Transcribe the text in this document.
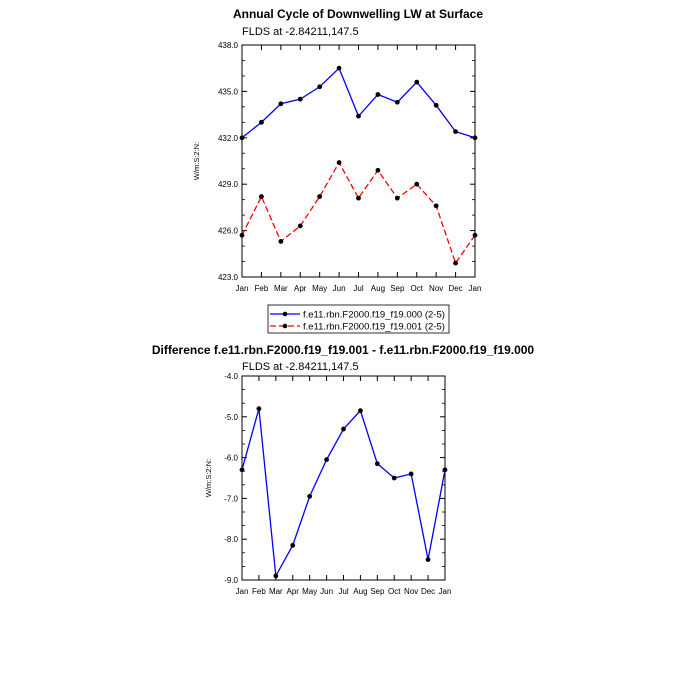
Annual Cycle of Downwelling LW at Surface
FLDS at -2.84211,147.5
W/m:S:2:N:
423.0
426.0
429.0
432.0
435.0
438.0
Jan Feb Mar Apr May Jun Jul Aug Sep Oct Nov Dec Jan
f.e11.rbn.F2000.f19_f19.000 (2-5)
f.e11.rbn.F2000.f19_f19.001 (2-5)
Difference f.e11.rbn.F2000.f19_f19.001 - f.e11.rbn.F2000.f19_f19.000
FLDS at -2.84211,147.5
W/m:S:2:N:
-9.0
-8.0
-7.0
-6.0
-5.0
-4.0
Jan Feb Mar Apr May Jun Jul Aug Sep Oct Nov Dec Jan
